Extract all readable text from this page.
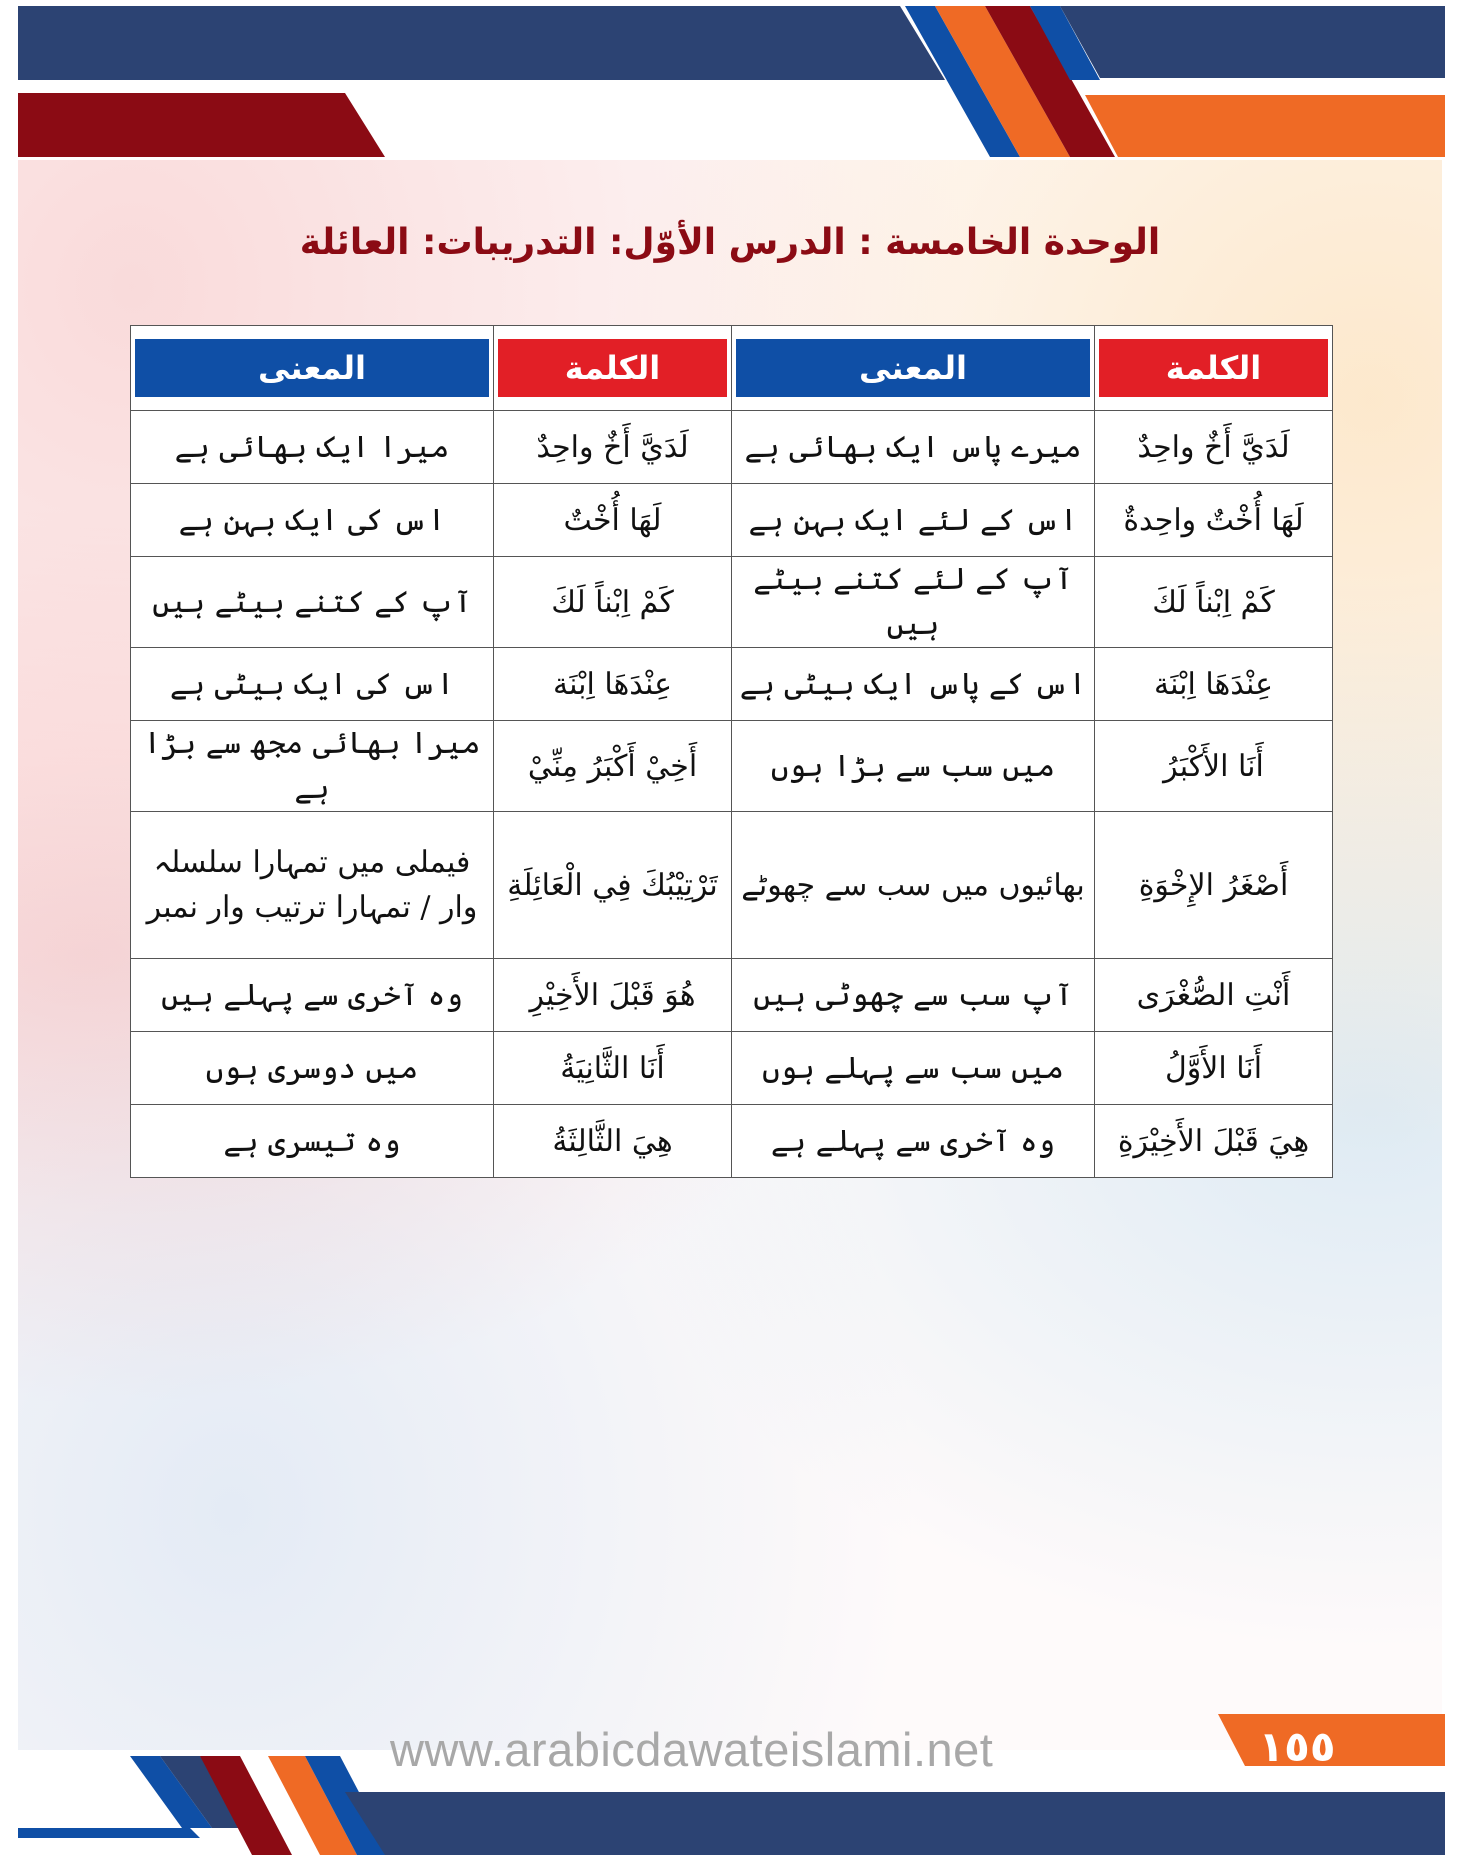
الوحدة الخامسة : الدرس الأوّل: التدريبات: العائلة
المعنى	الكلمة	المعنى	الكلمة

میرا ایک بھائی ہے	لَدَيَّ أَخٌ واحِدٌ	میرے پاس ایک بھائی ہے	لَدَيَّ أَخٌ واحِدٌ
اس کی ایک بہن ہے	لَهَا أُخْتٌ	اس کے لئے ایک بہن ہے	لَهَا أُخْتٌ واحِدةٌ
آپ کے کتنے بیٹے ہیں	كَمْ اِبْناً لَكَ	آپ کے لئے کتنے بیٹے ہیں	كَمْ اِبْناً لَكَ
اس کی ایک بیٹی ہے	عِنْدَهَا اِبْنَة	اس کے پاس ایک بیٹی ہے	عِنْدَهَا اِبْنَة
میرا بھائی مجھ سے بڑا ہے	أَخِيْ أَكْبَرُ مِنِّيْ	میں سب سے بڑا ہوں	أَنَا الأَكْبَرُ
فیملی میں تمہارا سلسلہ وار / تمہارا ترتیب وار نمبر	تَرْتِيْبُكَ فِي الْعَائِلَةِ	بھائیوں میں سب سے چھوٹے	أَصْغَرُ الإِخْوَةِ
وہ آخری سے پہلے ہیں	هُوَ قَبْلَ الأَخِيْرِ	آپ سب سے چھوٹی ہیں	أَنْتِ الصُّغْرَى
میں دوسری ہوں	أَنَا الثَّانِيَةُ	میں سب سے پہلے ہوں	أَنَا الأَوَّلُ
وہ تیسری ہے	هِيَ الثَّالِثَةُ	وہ آخری سے پہلے ہے	هِيَ قَبْلَ الأَخِيْرَةِ
www.arabicdawateislami.net	١٥٥
